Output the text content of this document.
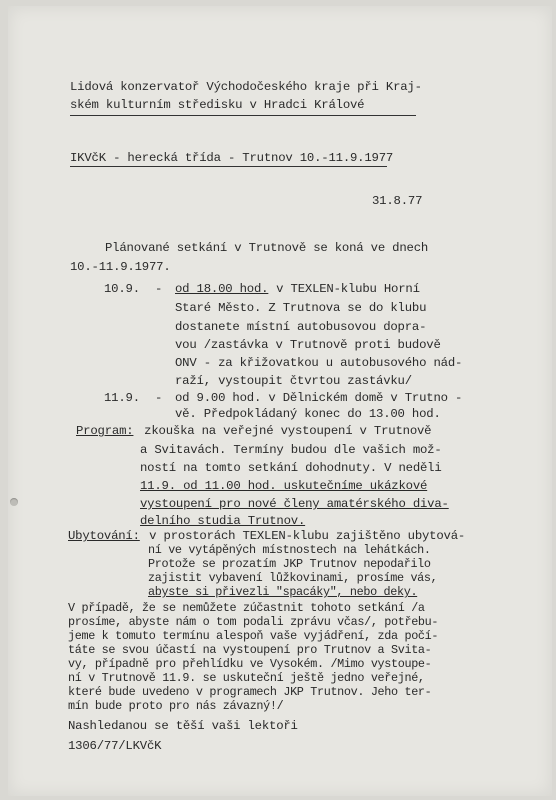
Lidová konzervatoř Východočeského kraje při Kraj-
ském kulturním středisku v Hradci Králové
IKVčK - herecká třída - Trutnov 10.-11.9.1977
31.8.77
Plánované setkání v Trutnově se koná ve dnech
10.-11.9.1977.
10.9. - od 18.00 hod. v TEXLEN-klubu Horní
Staré Město. Z Trutnova se do klubu
dostanete místní autobusovou dopra-
vou /zastávka v Trutnově proti budově
ONV - za křižovatkou u autobusového nád-
raží, vystoupit čtvrtou zastávku/
11.9. - od 9.00 hod. v Dělnickém domě v Trutno -
vě. Předpokládaný konec do 13.00 hod.
Program: zkouška na veřejné vystoupení v Trutnově
a Svitavách. Termíny budou dle vašich mož-
ností na tomto setkání dohodnuty. V neděli
11.9. od 11.00 hod. uskutečníme ukázkové
vystoupení pro nové členy amatérského diva-
delního studia Trutnov.
Ubytování: v prostorách TEXLEN-klubu zajištěno ubytová-
ní ve vytápěných místnostech na lehátkách.
Protože se prozatím JKP Trutnov nepodařilo
zajistit vybavení lůžkovinami, prosíme vás,
abyste si přivezli "spacáky", nebo deky.
V případě, že se nemůžete zúčastnit tohoto setkání /a
prosíme, abyste nám o tom podali zprávu včas/, potřebu-
jeme k tomuto termínu alespoň vaše vyjádření, zda počí-
táte se svou účastí na vystoupení pro Trutnov a Svita-
vy, případně pro přehlídku ve Vysokém. /Mimo vystoupe-
ní v Trutnově 11.9. se uskuteční ještě jedno veřejné,
které bude uvedeno v programech JKP Trutnov. Jeho ter-
mín bude proto pro nás závazný!/
Nashledanou se těší vaši lektoři
1306/77/LKVčK
